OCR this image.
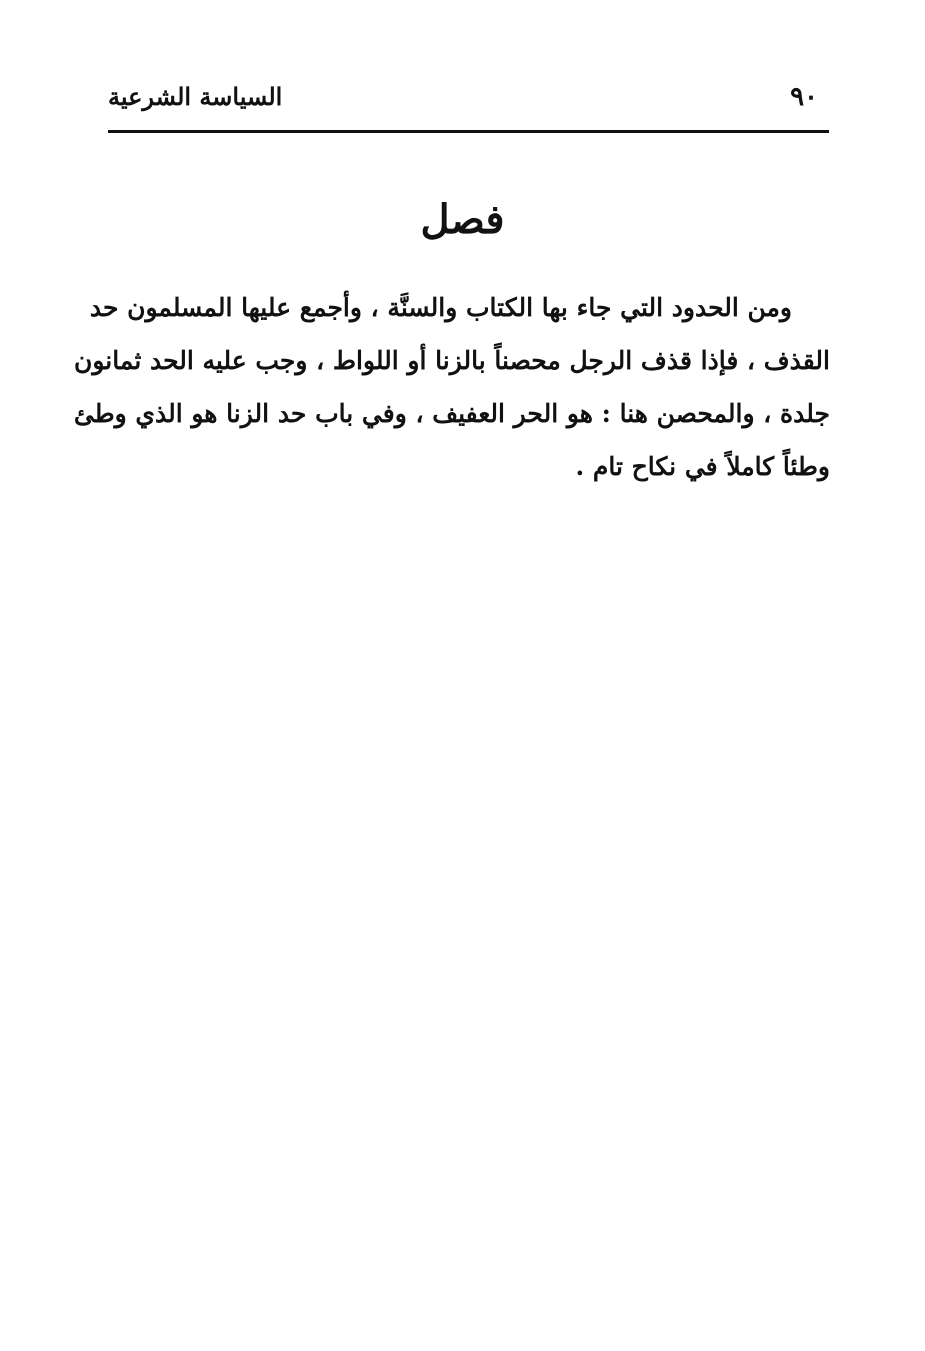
٩٠
السياسة الشرعية
فصل
ومن الحدود التي جاء بها الكتاب والسنَّة ، وأجمع عليها المسلمون حد
القذف ، فإذا قذف الرجل محصناً بالزنا أو اللواط ، وجب عليه الحد ثمانون
جلدة ، والمحصن هنا : هو الحر العفيف ، وفي باب حد الزنا هو الذي وطئ
وطئاً كاملاً في نكاح تام .
